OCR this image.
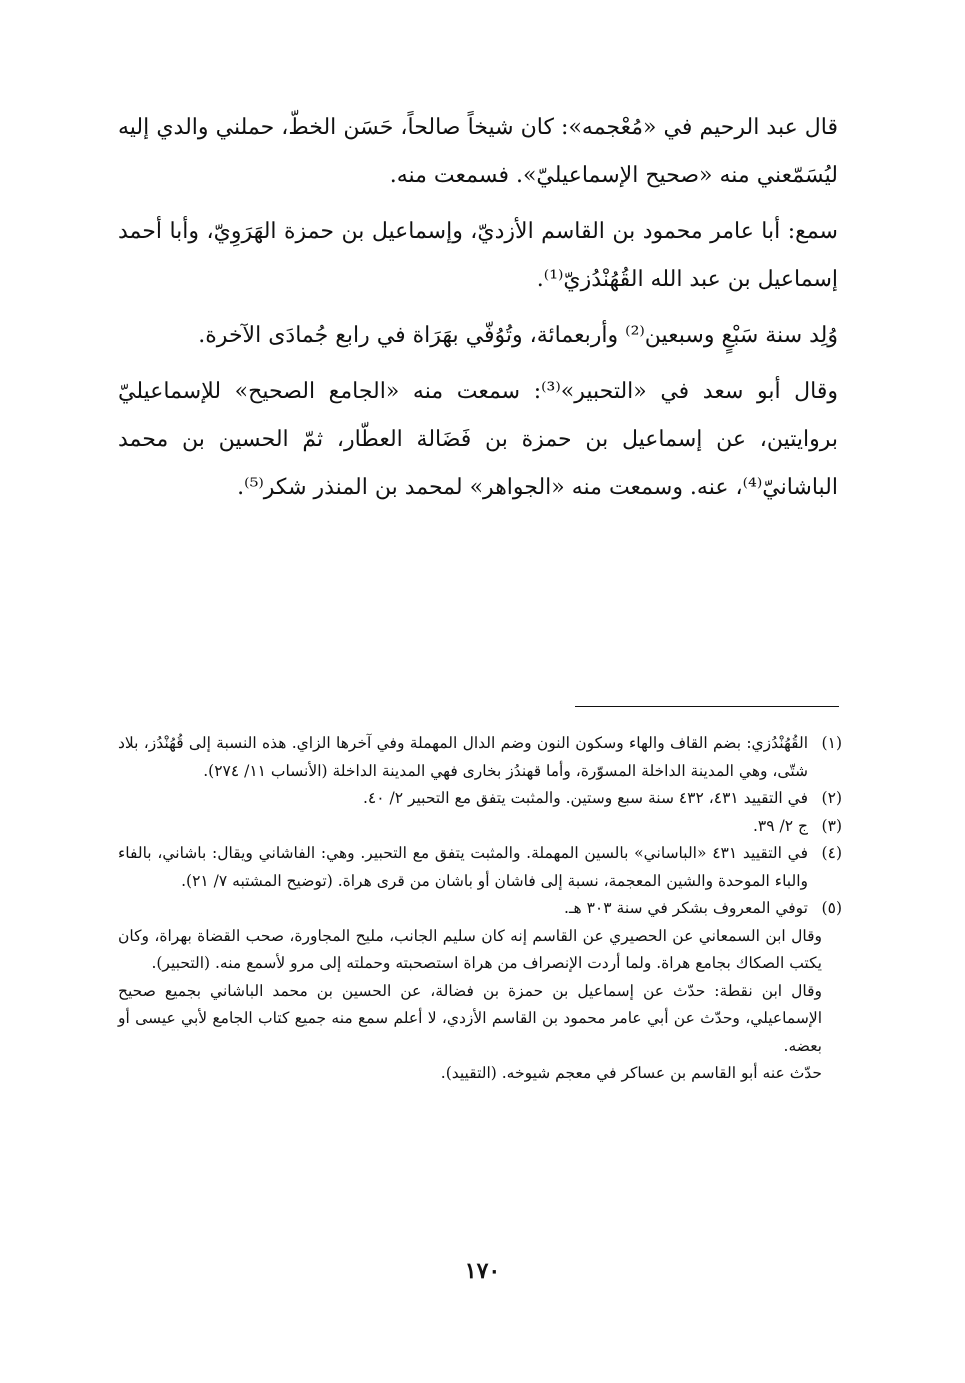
قال عبد الرحيم في «مُعْجمه»: كان شيخاً صالحاً، حَسَن الخطّ، حملني والدي إليه ليُسَمّعني منه «صحيح الإسماعيليّ». فسمعت منه.

سمع: أبا عامر محمود بن القاسم الأزديّ، وإسماعيل بن حمزة الهَرَوِيّ، وأبا أحمد إسماعيل بن عبد الله القُهُنْدُزيّ⁽¹⁾.

وُلِد سنة سَبْعٍ وسبعين⁽²⁾ وأربعمائة، وتُوُفّي بهَرَاة في رابع جُمادَى الآخرة.

وقال أبو سعد في «التحبير»⁽³⁾: سمعت منه «الجامع الصحيح» للإسماعيليّ بروايتين، عن إسماعيل بن حمزة بن فَضَالة العطّار، ثمّ الحسين بن محمد الباشانيّ⁽⁴⁾، عنه. وسمعت منه «الجواهر» لمحمد بن المنذر شكر⁽⁵⁾.

(١)
القُهُنْدُزي: بضم القاف والهاء وسكون النون وضم الدال المهملة وفي آخرها الزاي. هذه النسبة إلى قُهُنْدُز، بلاد شتّى، وهي المدينة الداخلة المسوّرة، وأما قهندُز بخارى فهي المدينة الداخلة (الأنساب ١١/ ٢٧٤).
(٢)
في التقييد ٤٣١، ٤٣٢ سنة سبع وستين. والمثبت يتفق مع التحبير ٢/ ٤٠.
(٣)
ج ٢/ ٣٩.
(٤)
في التقييد ٤٣١ «الباساني» بالسين المهملة. والمثبت يتفق مع التحبير. وهي: الفاشاني ويقال: باشاني، بالفاء والباء الموحدة والشين المعجمة، نسبة إلى فاشان أو باشان من قرى هراة. (توضيح المشتبه ٧/ ٢١).
(٥)
توفي المعروف بشكر في سنة ٣٠٣ هـ.
وقال ابن السمعاني عن الحصيري عن القاسم إنه كان سليم الجانب، مليح المجاورة، صحب القضاة بهراة، وكان يكتب الصكاك بجامع هراة. ولما أردت الإنصراف من هراة استصحبته وحملته إلى مرو لأسمع منه. (التحبير).
وقال ابن نقطة: حدّث عن إسماعيل بن حمزة بن فضالة، عن الحسين بن محمد الباشاني بجميع صحيح الإسماعيلي، وحدّث عن أبي عامر محمود بن القاسم الأزدي، لا أعلم سمع منه جميع كتاب الجامع لأبي عيسى أو بعضه.
حدّث عنه أبو القاسم بن عساكر في معجم شيوخه. (التقييد).
١٧٠
